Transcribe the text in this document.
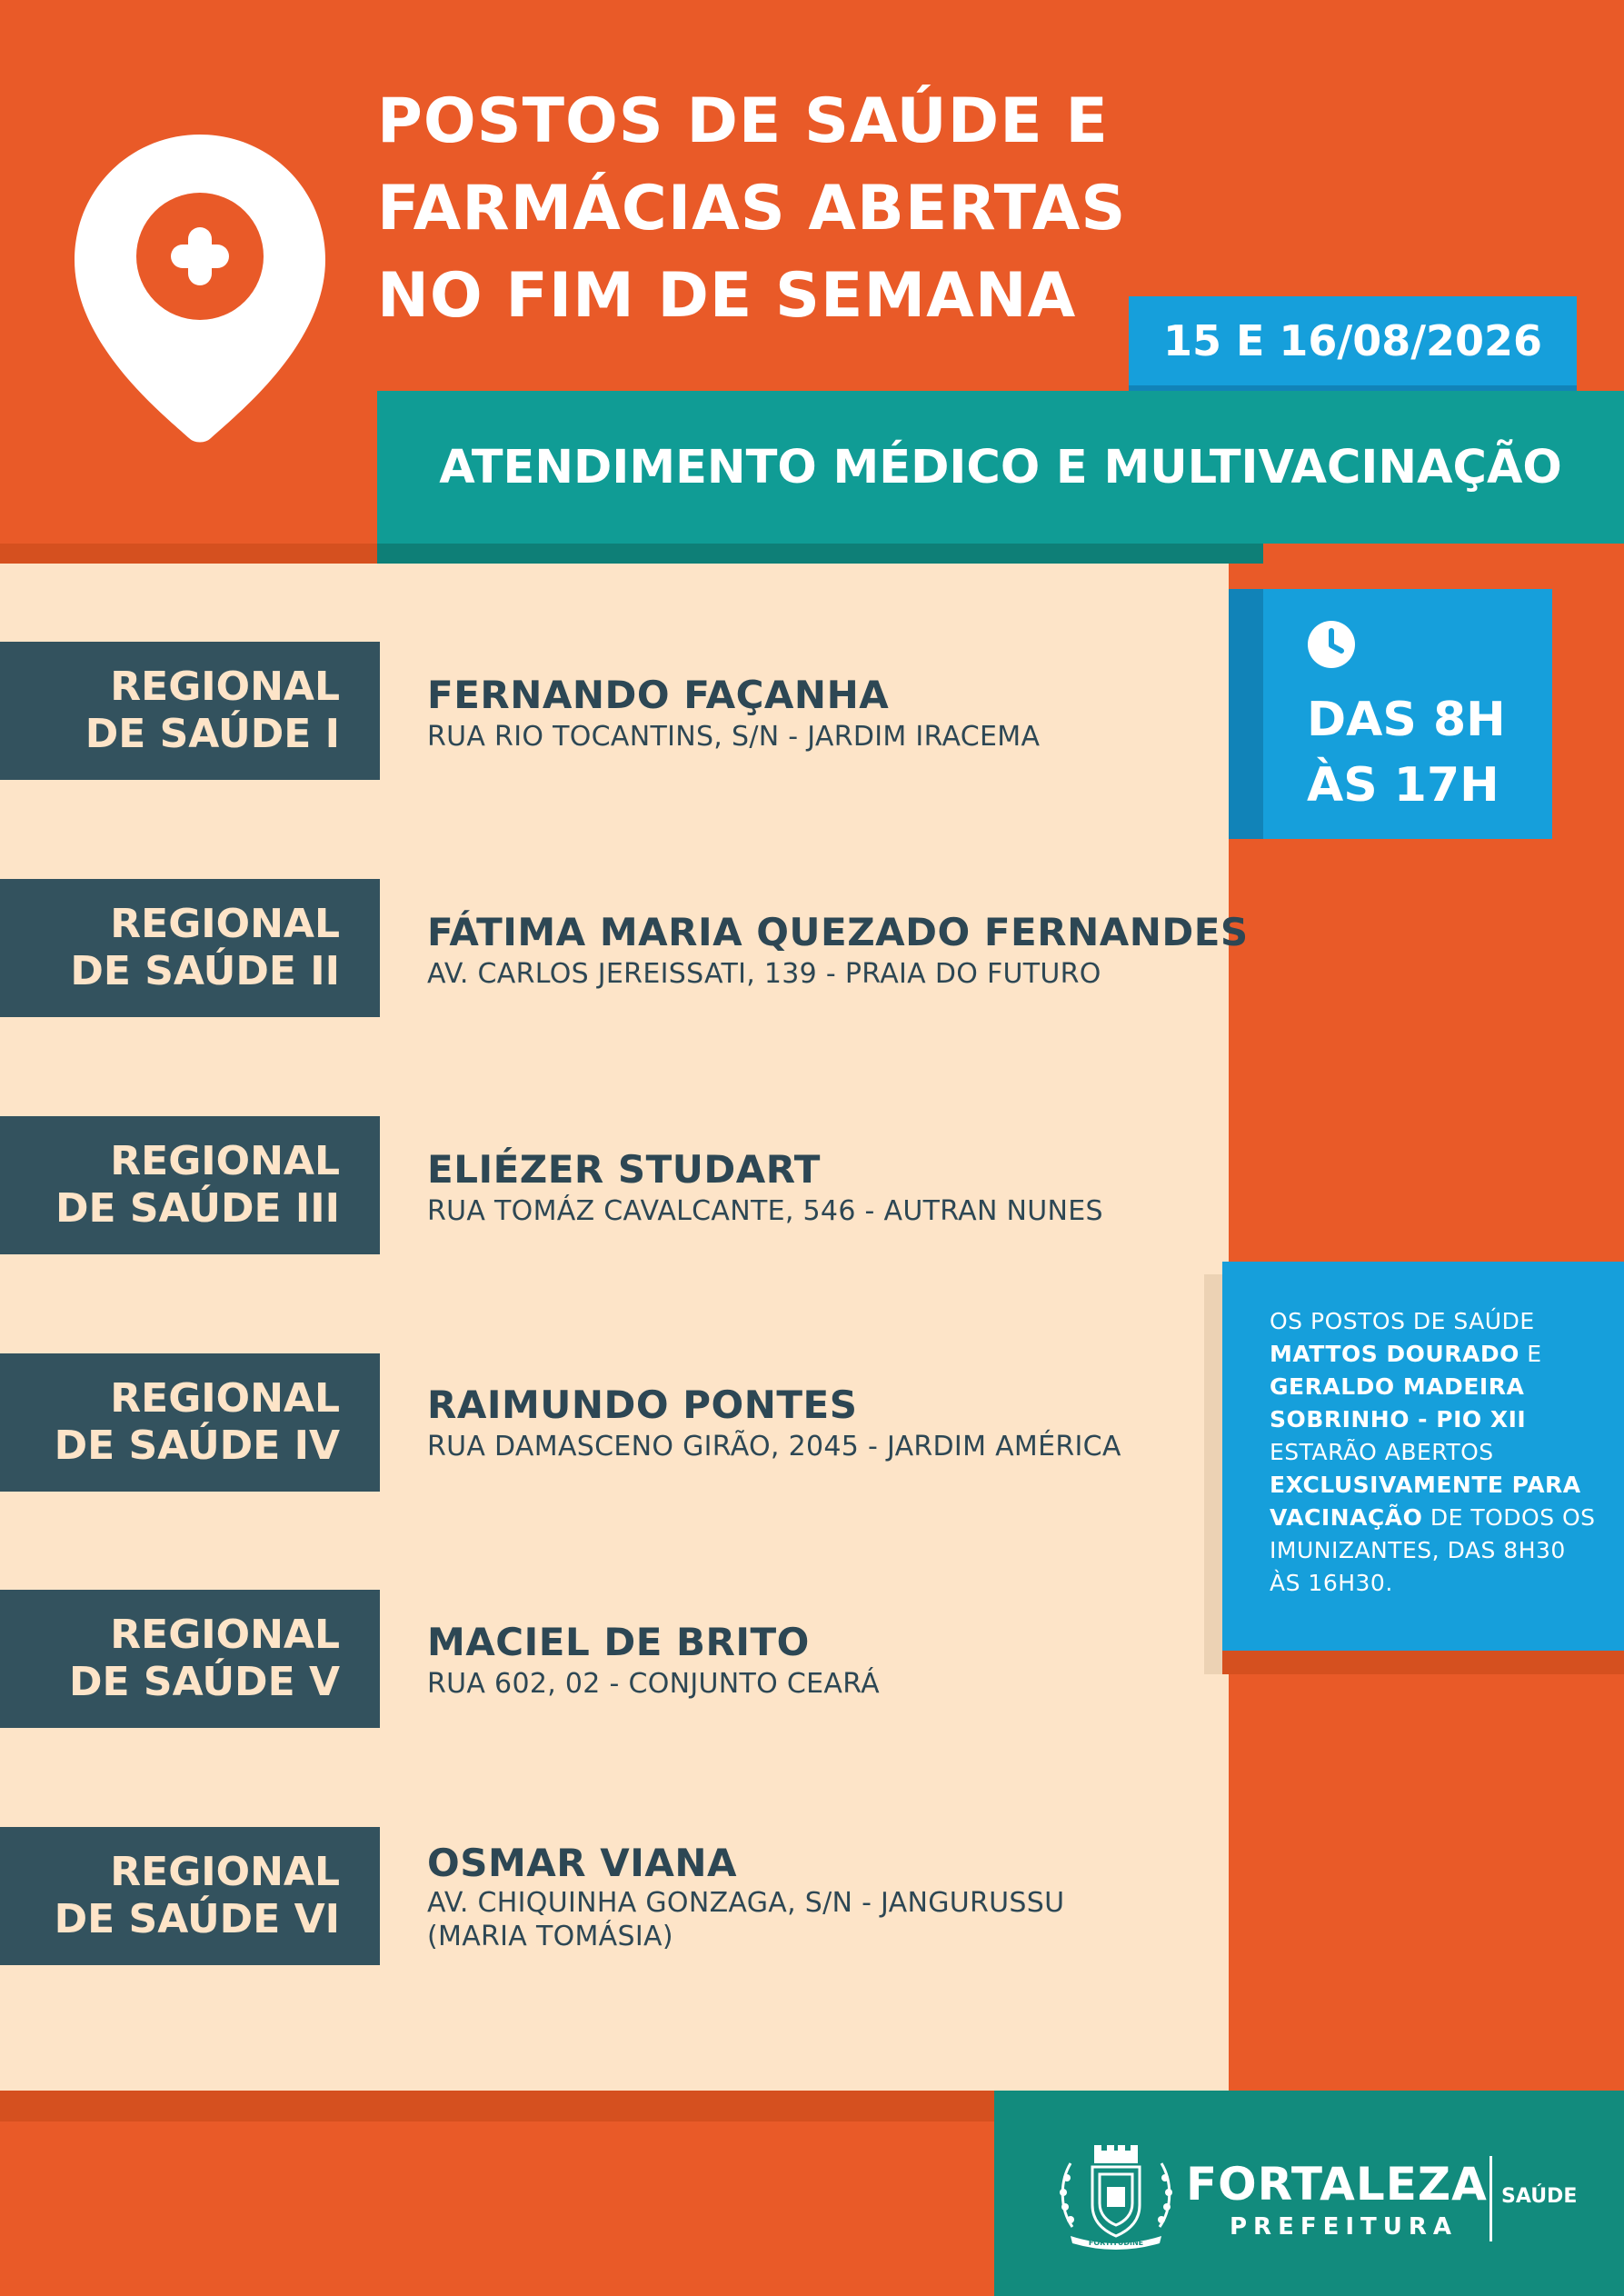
POSTOS DE SAÚDE E
FARMÁCIAS ABERTAS
NO FIM DE SEMANA
15 E 16/08/2026
ATENDIMENTO MÉDICO E MULTIVACINAÇÃO
REGIONAL
DE SAÚDE I
FERNANDO FAÇANHA
RUA RIO TOCANTINS, S/N - JARDIM IRACEMA
REGIONAL
DE SAÚDE II
FÁTIMA MARIA QUEZADO FERNANDES
AV. CARLOS JEREISSATI, 139 - PRAIA DO FUTURO
REGIONAL
DE SAÚDE III
ELIÉZER STUDART
RUA TOMÁZ CAVALCANTE, 546 - AUTRAN NUNES
REGIONAL
DE SAÚDE IV
RAIMUNDO PONTES
RUA DAMASCENO GIRÃO, 2045 - JARDIM AMÉRICA
REGIONAL
DE SAÚDE V
MACIEL DE BRITO
RUA 602, 02 - CONJUNTO CEARÁ
REGIONAL
DE SAÚDE VI
OSMAR VIANA
AV. CHIQUINHA GONZAGA, S/N - JANGURUSSU
(MARIA TOMÁSIA)
DAS 8H
ÀS 17H
OS POSTOS DE SAÚDE
MATTOS DOURADO E GERALDO MADEIRA SOBRINHO - PIO XII ESTARÃO ABERTOS EXCLUSIVAMENTE PARA VACINAÇÃO DE TODOS OS IMUNIZANTES, DAS 8H30 ÀS 16H30.
FORTITUDINE
FORTALEZA
PREFEITURA
SAÚDE
